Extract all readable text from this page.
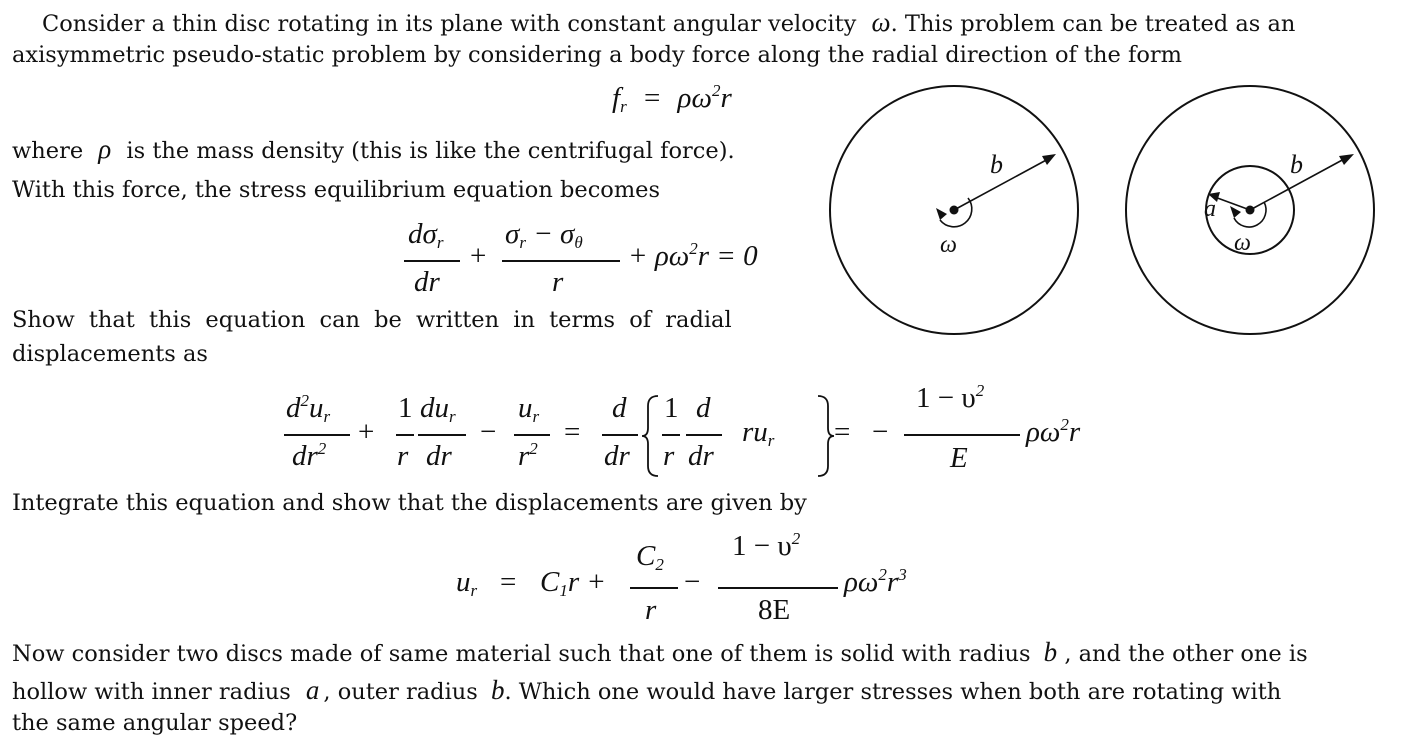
Consider a thin disc rotating in its plane with constant angular velocity ω. This problem can be treated as an
axisymmetric pseudo-static problem by considering a body force along the radial direction of the form
fr = $\rho\omega^2r$
where ρ is the mass density (this is like the centrifugal force).
With this force, the stress equilibrium equation becomes
dσr
dr
+
σr − σθ
r
+ $\rho\omega^2r = 0$
Show that this equation can be written in terms of radial
displacements as
$d^2ur$
$dr^2$
+
1
r
dur
dr
−
ur
$r^2$
=
d
dr
1
r
d
dr
rur = −
$1 - \upsilon^2$
E
$\rho\omega^2r$
Integrate this equation and show that the displacements are given by
ur = C1r +
C2
r
−
$1 - \upsilon^2$
8E
$\rho\omega^2r^3$
Now consider two discs made of same material such that one of them is solid with radius b , and the other one is
hollow with inner radius a , outer radius b. Which one would have larger stresses when both are rotating with
the same angular speed?
b
ω
a
b
ω
